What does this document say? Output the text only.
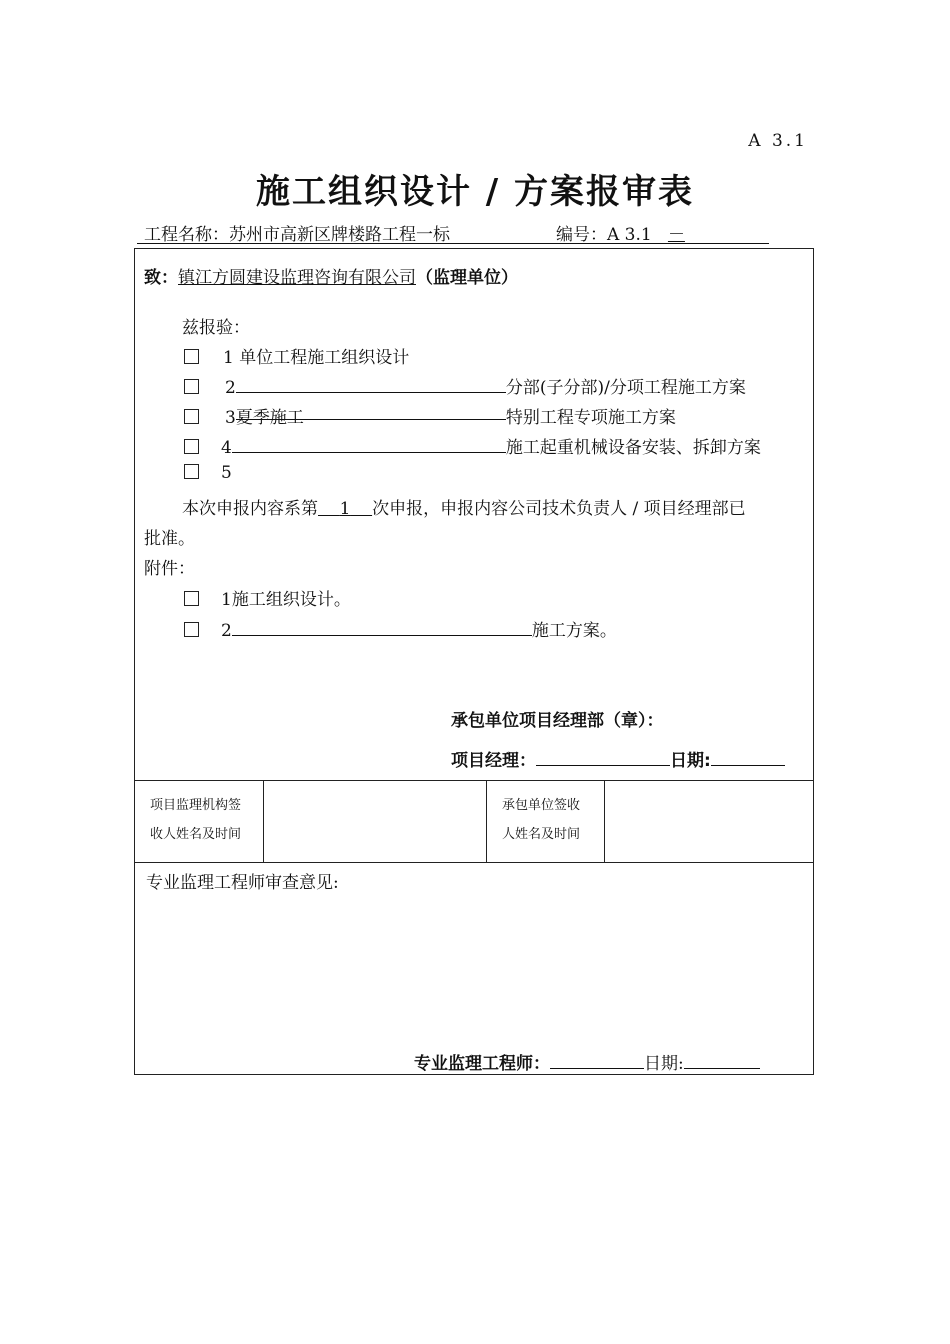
A 3.1
施工组织设计 / 方案报审表
工程名称：苏州市高新区牌楼路工程一标	编号：A 3.1 －
致：镇江方圆建设监理咨询有限公司（监理单位）
兹报验：
1 单位工程施工组织设计
2	分部(子分部)/分项工程施工方案
3夏季施工	特别工程专项施工方案
4	施工起重机械设备安装、拆卸方案
5
本次申报内容系第 1 次申报，申报内容公司技术负责人 / 项目经理部已
批准。
附件：
1施工组织设计。
2	施工方案。
承包单位项目经理部（章）：
项目经理：	日期:
项目监理机构签
收人姓名及时间
承包单位签收
人姓名及时间
专业监理工程师审查意见:
专业监理工程师：	日期:
